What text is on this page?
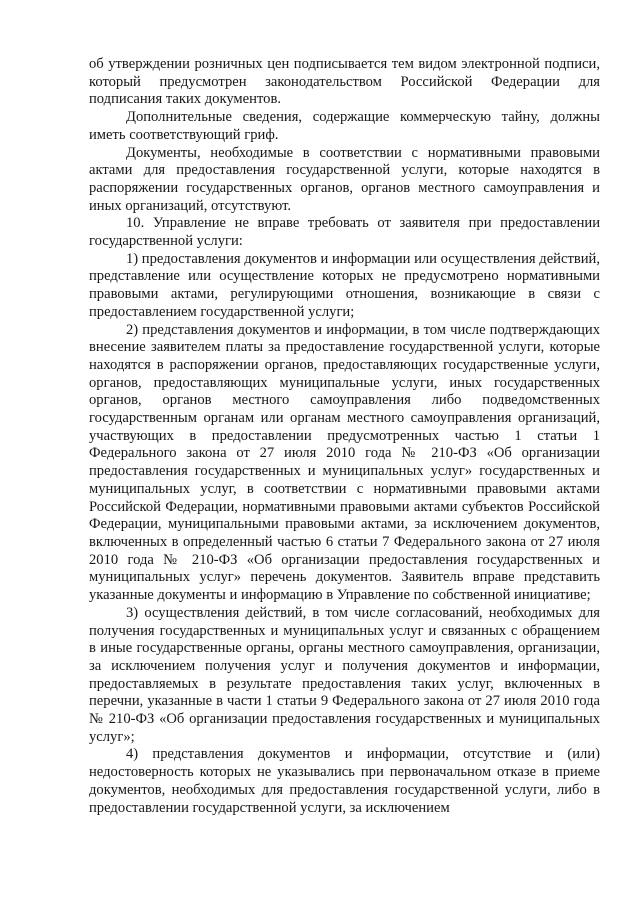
об утверждении розничных цен подписывается тем видом электронной подписи, который предусмотрен законодательством Российской Федерации для подписания таких документов.

Дополнительные сведения, содержащие коммерческую тайну, должны иметь соответствующий гриф.

Документы, необходимые в соответствии с нормативными правовыми актами для предоставления государственной услуги, которые находятся в распоряжении государственных органов, органов местного самоуправления и иных организаций, отсутствуют.

10. Управление не вправе требовать от заявителя при предоставлении государственной услуги:

1) предоставления документов и информации или осуществления действий, представление или осуществление которых не предусмотрено нормативными правовыми актами, регулирующими отношения, возникающие в связи с предоставлением государственной услуги;

2) представления документов и информации, в том числе подтверждающих внесение заявителем платы за предоставление государственной услуги, которые находятся в распоряжении органов, предоставляющих государственные услуги, органов, предоставляющих муниципальные услуги, иных государственных органов, органов местного самоуправления либо подведомственных государственным органам или органам местного самоуправления организаций, участвующих в предоставлении предусмотренных частью 1 статьи 1 Федерального закона от 27 июля 2010 года № 210-ФЗ «Об организации предоставления государственных и муниципальных услуг» государственных и муниципальных услуг, в соответствии с нормативными правовыми актами Российской Федерации, нормативными правовыми актами субъектов Российской Федерации, муниципальными правовыми актами, за исключением документов, включенных в определенный частью 6 статьи 7 Федерального закона от 27 июля 2010 года № 210-ФЗ «Об организации предоставления государственных и муниципальных услуг» перечень документов. Заявитель вправе представить указанные документы и информацию в Управление по собственной инициативе;

3) осуществления действий, в том числе согласований, необходимых для получения государственных и муниципальных услуг и связанных с обращением в иные государственные органы, органы местного самоуправления, организации, за исключением получения услуг и получения документов и информации, предоставляемых в результате предоставления таких услуг, включенных в перечни, указанные в части 1 статьи 9 Федерального закона от 27 июля 2010 года № 210-ФЗ «Об организации предоставления государственных и муниципальных услуг»;

4) представления документов и информации, отсутствие и (или) недостоверность которых не указывались при первоначальном отказе в приеме документов, необходимых для предоставления государственной услуги, либо в предоставлении государственной услуги, за исключением
